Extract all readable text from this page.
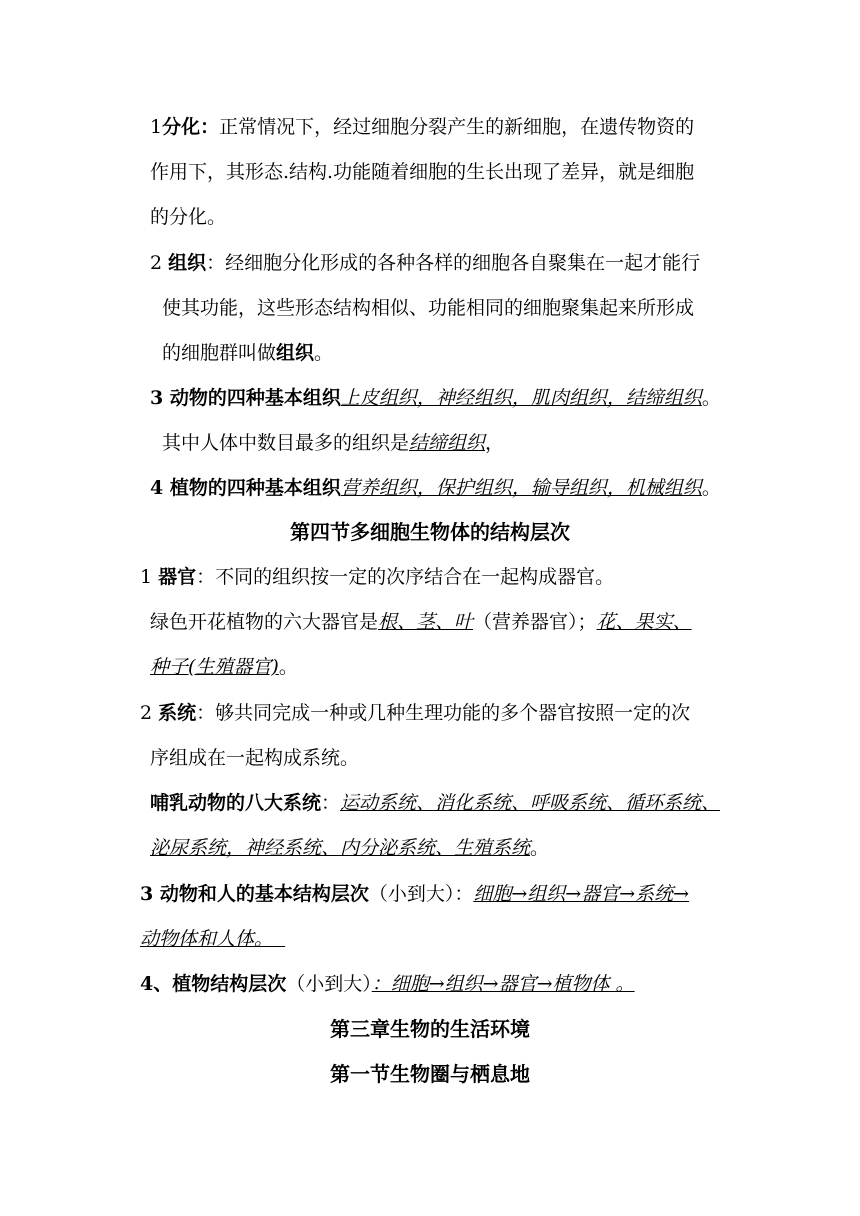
1分化：正常情况下，经过细胞分裂产生的新细胞，在遗传物资的
作用下，其形态.结构.功能随着细胞的生长出现了差异，就是细胞
的分化。
2 组织：经细胞分化形成的各种各样的细胞各自聚集在一起才能行
使其功能，这些形态结构相似、功能相同的细胞聚集起来所形成
的细胞群叫做组织。
3 动物的四种基本组织上皮组织，神经组织，肌肉组织，结缔组织。
其中人体中数目最多的组织是结缔组织，
4 植物的四种基本组织营养组织，保护组织，输导组织，机械组织。
第四节多细胞生物体的结构层次
1 器官：不同的组织按一定的次序结合在一起构成器官。
绿色开花植物的六大器官是根、茎、叶（营养器官）；花、果实、
种子(生殖器官)。
2 系统：够共同完成一种或几种生理功能的多个器官按照一定的次
序组成在一起构成系统。
哺乳动物的八大系统：运动系统、消化系统、呼吸系统、循环系统、
泌尿系统，神经系统、内分泌系统、生殖系统。
3 动物和人的基本结构层次（小到大）：细胞→组织→器官→系统→
动物体和人体。
4、植物结构层次（小到大）：细胞→组织→器官→植物体 。
第三章生物的生活环境
第一节生物圈与栖息地
